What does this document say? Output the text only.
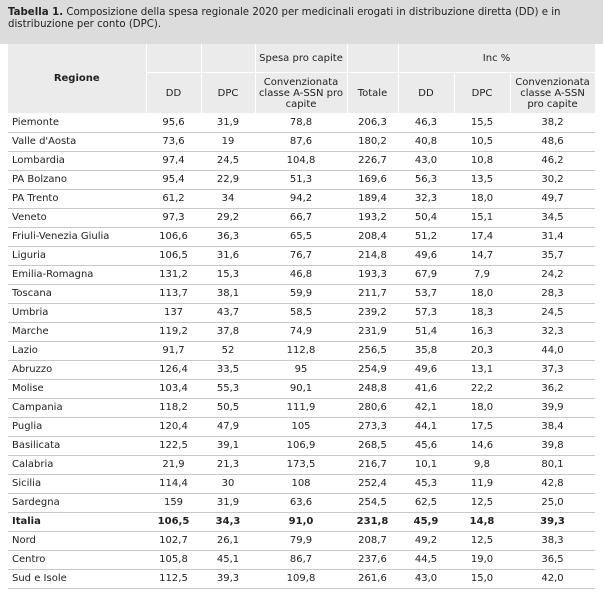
Tabella 1. Composizione della spesa regionale 2020 per medicinali erogati in distribuzione diretta (DD) e in distribuzione per conto (DPC).
Regione			Spesa pro capite		Inc %		
	DD	DPC	Convenzionata classe A-SSN pro capite	Totale	DD	DPC	Convenzionata classe A-SSN pro capite
Piemonte	95,6	31,9	78,8	206,3	46,3	15,5	38,2
Valle d'Aosta	73,6	19	87,6	180,2	40,8	10,5	48,6
Lombardia	97,4	24,5	104,8	226,7	43,0	10,8	46,2
PA Bolzano	95,4	22,9	51,3	169,6	56,3	13,5	30,2
PA Trento	61,2	34	94,2	189,4	32,3	18,0	49,7
Veneto	97,3	29,2	66,7	193,2	50,4	15,1	34,5
Friuli-Venezia Giulia	106,6	36,3	65,5	208,4	51,2	17,4	31,4
Liguria	106,5	31,6	76,7	214,8	49,6	14,7	35,7
Emilia-Romagna	131,2	15,3	46,8	193,3	67,9	7,9	24,2
Toscana	113,7	38,1	59,9	211,7	53,7	18,0	28,3
Umbria	137	43,7	58,5	239,2	57,3	18,3	24,5
Marche	119,2	37,8	74,9	231,9	51,4	16,3	32,3
Lazio	91,7	52	112,8	256,5	35,8	20,3	44,0
Abruzzo	126,4	33,5	95	254,9	49,6	13,1	37,3
Molise	103,4	55,3	90,1	248,8	41,6	22,2	36,2
Campania	118,2	50,5	111,9	280,6	42,1	18,0	39,9
Puglia	120,4	47,9	105	273,3	44,1	17,5	38,4
Basilicata	122,5	39,1	106,9	268,5	45,6	14,6	39,8
Calabria	21,9	21,3	173,5	216,7	10,1	9,8	80,1
Sicilia	114,4	30	108	252,4	45,3	11,9	42,8
Sardegna	159	31,9	63,6	254,5	62,5	12,5	25,0
Italia	106,5	34,3	91,0	231,8	45,9	14,8	39,3
Nord	102,7	26,1	79,9	208,7	49,2	12,5	38,3
Centro	105,8	45,1	86,7	237,6	44,5	19,0	36,5
Sud e Isole	112,5	39,3	109,8	261,6	43,0	15,0	42,0
